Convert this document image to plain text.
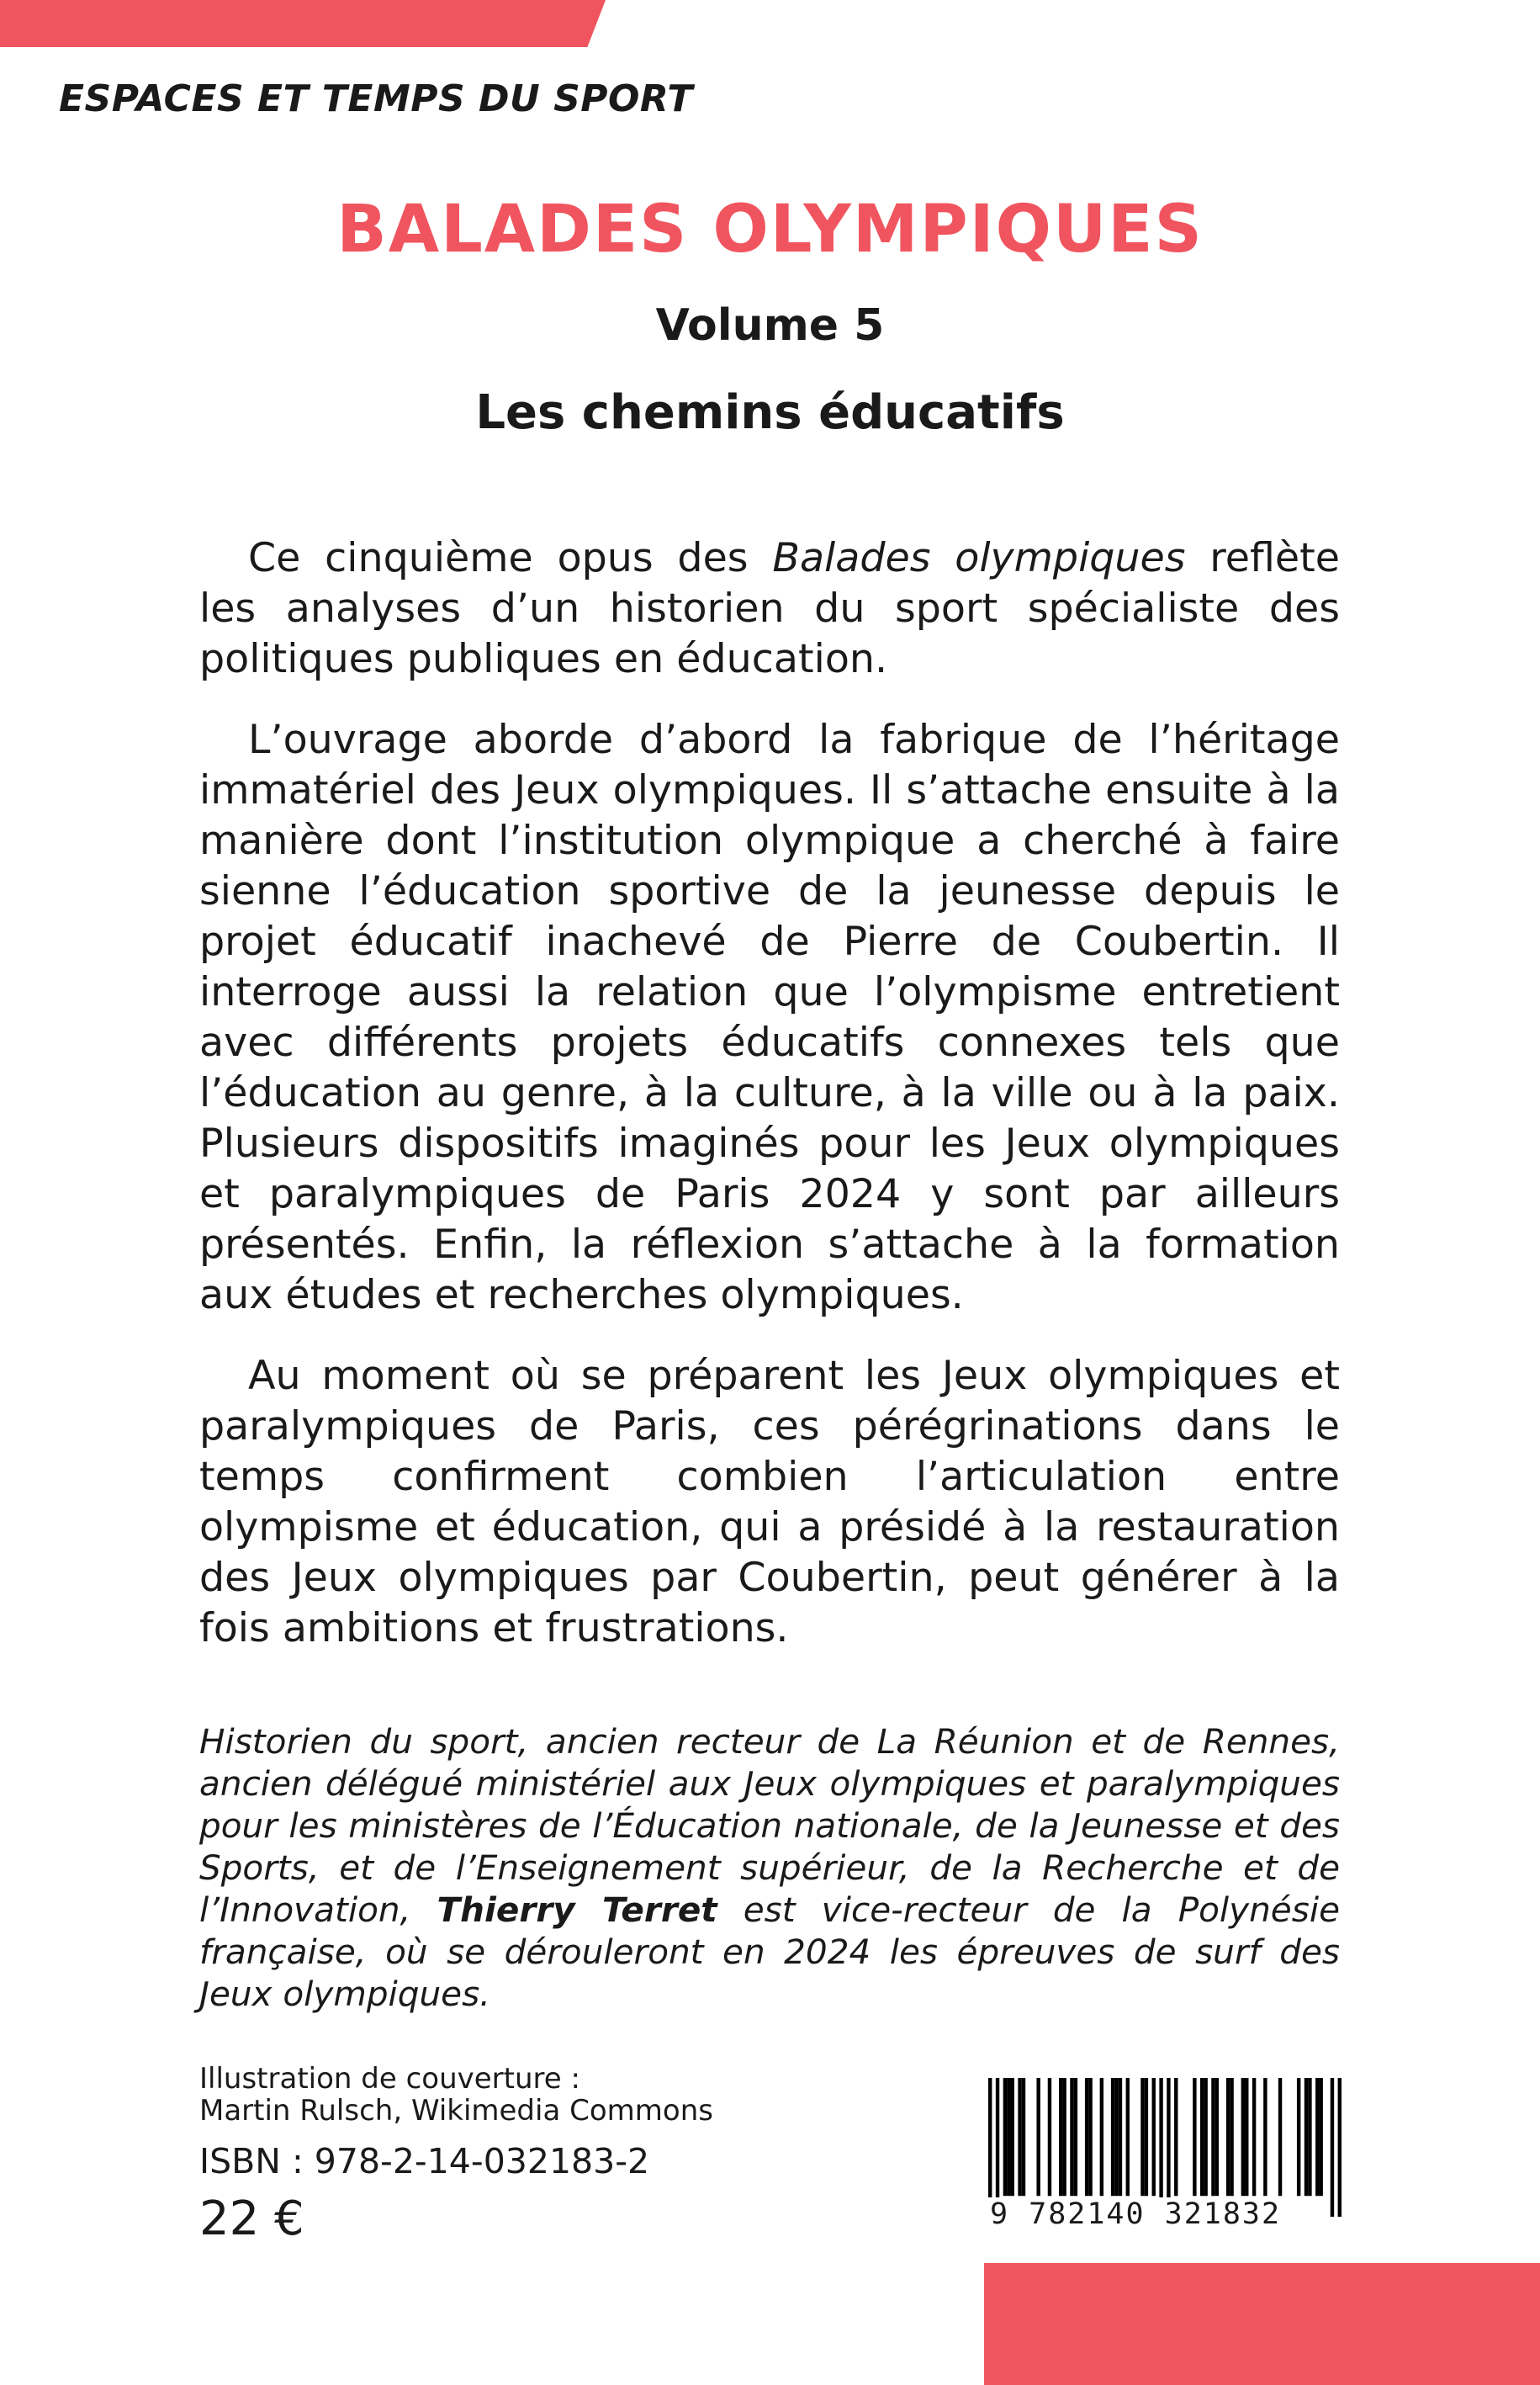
ESPACES ET TEMPS DU SPORT
BALADES OLYMPIQUES
Volume 5
Les chemins éducatifs

Ce cinquième opus des Balades olympiques reflète les analyses d’un historien du sport spécialiste des politiques publiques en éducation.

L’ouvrage aborde d’abord la fabrique de l’héritage immatériel des Jeux olympiques. Il s’attache ensuite à la manière dont l’institution olympique a cherché à faire sienne l’éducation sportive de la jeunesse depuis le projet éducatif inachevé de Pierre de Coubertin. Il interroge aussi la relation que l’olympisme entretient avec différents projets éducatifs connexes tels que l’éducation au genre, à la culture, à la ville ou à la paix. Plusieurs dispositifs imaginés pour les Jeux olympiques et paralympiques de Paris 2024 y sont par ailleurs présentés. Enfin, la réflexion s’attache à la formation aux études et recherches olympiques.

Au moment où se préparent les Jeux olympiques et paralympiques de Paris, ces pérégrinations dans le temps confirment combien l’articulation entre olympisme et éducation, qui a présidé à la restauration des Jeux olympiques par Coubertin, peut générer à la fois ambitions et frustrations.

Historien du sport, ancien recteur de La Réunion et de Rennes, ancien délégué ministériel aux Jeux olympiques et paralympiques pour les ministères de l’Éducation nationale, de la Jeunesse et des Sports, et de l’Enseignement supérieur, de la Recherche et de l’Innovation, Thierry Terret est vice-recteur de la Polynésie française, où se dérouleront en 2024 les épreuves de surf des Jeux olympiques.
Illustration de couverture :
Martin Rulsch, Wikimedia Commons
ISBN : 978-2-14-032183-2
22 €	9 782140 321832
